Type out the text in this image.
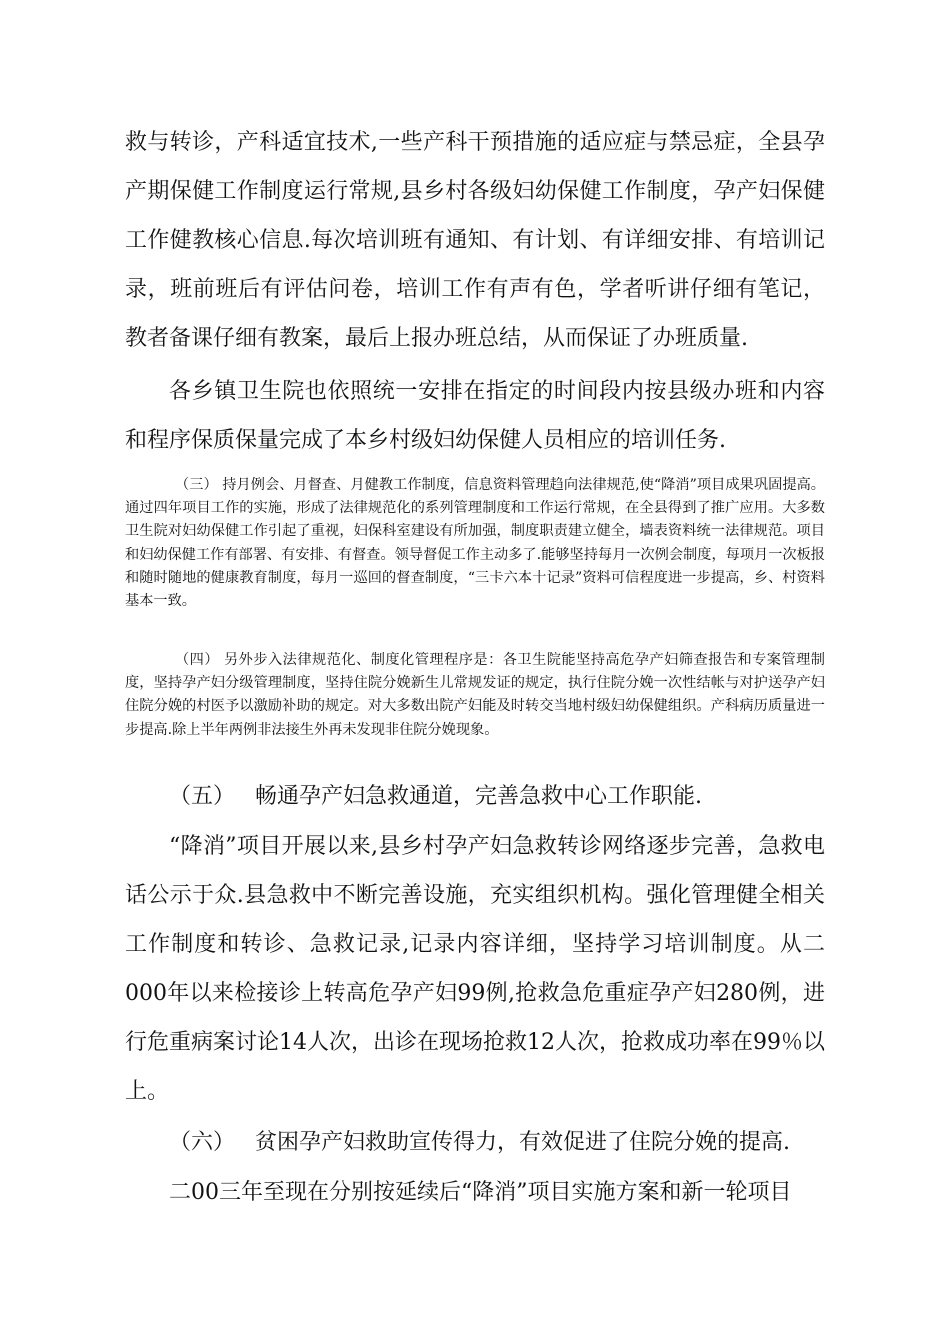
救与转诊，产科适宜技术,一些产科干预措施的适应症与禁忌症，全县孕产期保健工作制度运行常规,县乡村各级妇幼保健工作制度，孕产妇保健工作健教核心信息.每次培训班有通知、有计划、有详细安排、有培训记录，班前班后有评估问卷，培训工作有声有色，学者听讲仔细有笔记，教者备课仔细有教案，最后上报办班总结，从而保证了办班质量.

各乡镇卫生院也依照统一安排在指定的时间段内按县级办班和内容和程序保质保量完成了本乡村级妇幼保健人员相应的培训任务.

（三） 持月例会、月督查、月健教工作制度，信息资料管理趋向法律规范,使“降消”项目成果巩固提高。通过四年项目工作的实施，形成了法律规范化的系列管理制度和工作运行常规，在全县得到了推广应用。大多数卫生院对妇幼保健工作引起了重视，妇保科室建设有所加强，制度职责建立健全，墙表资料统一法律规范。项目和妇幼保健工作有部署、有安排、有督查。领导督促工作主动多了.能够坚持每月一次例会制度，每项月一次板报和随时随地的健康教育制度，每月一巡回的督查制度，“三卡六本十记录”资料可信程度进一步提高，乡、村资料基本一致。

（四） 另外步入法律规范化、制度化管理程序是：各卫生院能坚持高危孕产妇筛查报告和专案管理制度，坚持孕产妇分级管理制度，坚持住院分娩新生儿常规发证的规定，执行住院分娩一次性结帐与对护送孕产妇住院分娩的村医予以激励补助的规定。对大多数出院产妇能及时转交当地村级妇幼保健组织。产科病历质量进一步提高.除上半年两例非法接生外再未发现非住院分娩现象。

（五） 畅通孕产妇急救通道，完善急救中心工作职能.

“降消”项目开展以来,县乡村孕产妇急救转诊网络逐步完善，急救电话公示于众.县急救中不断完善设施，充实组织机构。强化管理健全相关工作制度和转诊、急救记录,记录内容详细，坚持学习培训制度。从二000年以来检接诊上转高危孕产妇99例,抢救急危重症孕产妇280例，进行危重病案讨论14人次，出诊在现场抢救12人次，抢救成功率在99％以上。

（六） 贫困孕产妇救助宣传得力，有效促进了住院分娩的提高.

二00三年至现在分别按延续后“降消”项目实施方案和新一轮项目
